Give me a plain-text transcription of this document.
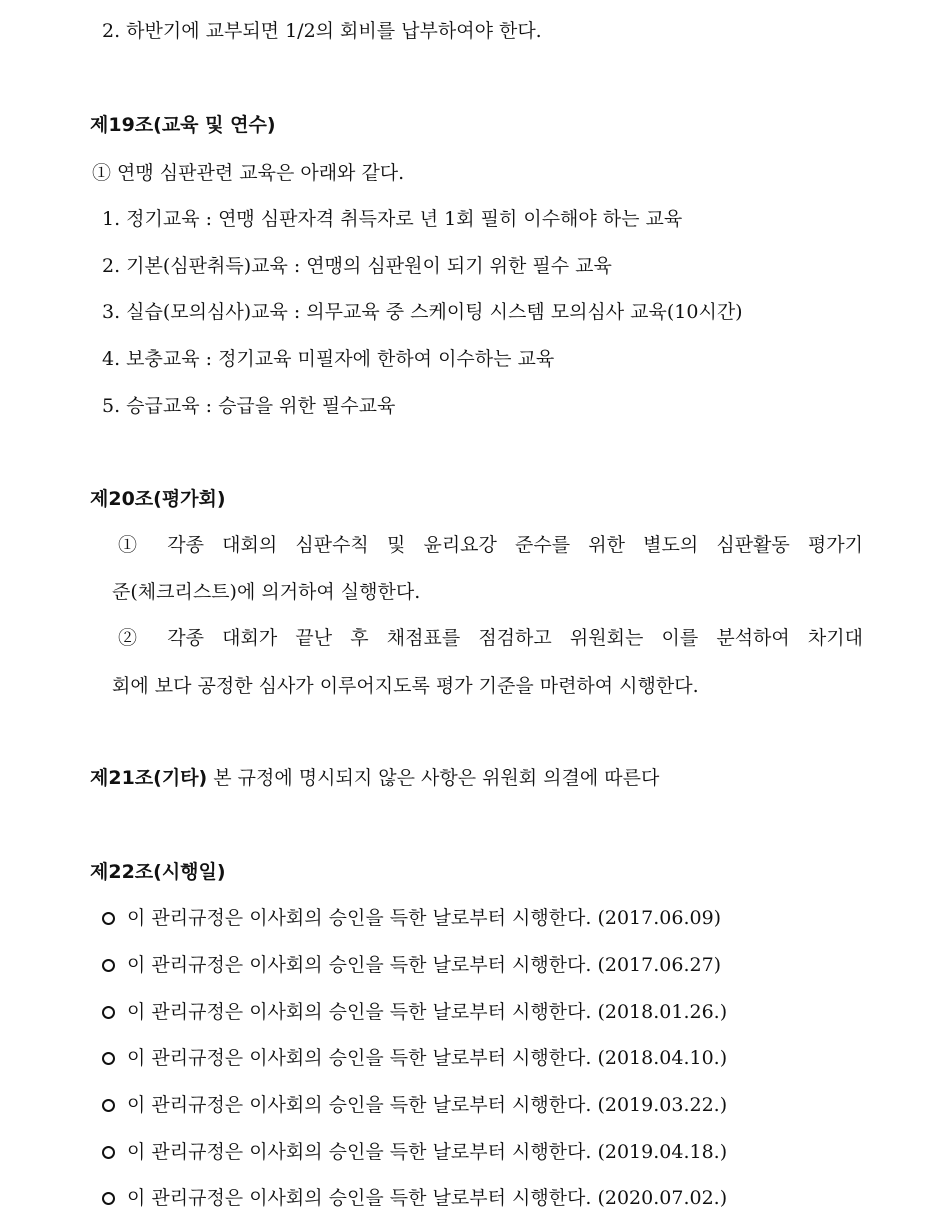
2. 하반기에 교부되면 1/2의 회비를 납부하여야 한다.
제19조(교육 및 연수)
① 연맹 심판관련 교육은 아래와 같다.
1. 정기교육 : 연맹 심판자격 취득자로 년 1회 필히 이수해야 하는 교육
2. 기본(심판취득)교육 : 연맹의 심판원이 되기 위한 필수 교육
3. 실습(모의심사)교육 : 의무교육 중 스케이팅 시스템 모의심사 교육(10시간)
4. 보충교육 : 정기교육 미필자에 한하여 이수하는 교육
5. 승급교육 : 승급을 위한 필수교육
제20조(평가회)
① 각종 대회의 심판수칙 및 윤리요강 준수를 위한 별도의 심판활동 평가기
준(체크리스트)에 의거하여 실행한다.
② 각종 대회가 끝난 후 채점표를 점검하고 위원회는 이를 분석하여 차기대
회에 보다 공정한 심사가 이루어지도록 평가 기준을 마련하여 시행한다.
제21조(기타) 본 규정에 명시되지 않은 사항은 위원회 의결에 따른다
제22조(시행일)
이 관리규정은 이사회의 승인을 득한 날로부터 시행한다. (2017.06.09)
이 관리규정은 이사회의 승인을 득한 날로부터 시행한다. (2017.06.27)
이 관리규정은 이사회의 승인을 득한 날로부터 시행한다. (2018.01.26.)
이 관리규정은 이사회의 승인을 득한 날로부터 시행한다. (2018.04.10.)
이 관리규정은 이사회의 승인을 득한 날로부터 시행한다. (2019.03.22.)
이 관리규정은 이사회의 승인을 득한 날로부터 시행한다. (2019.04.18.)
이 관리규정은 이사회의 승인을 득한 날로부터 시행한다. (2020.07.02.)
